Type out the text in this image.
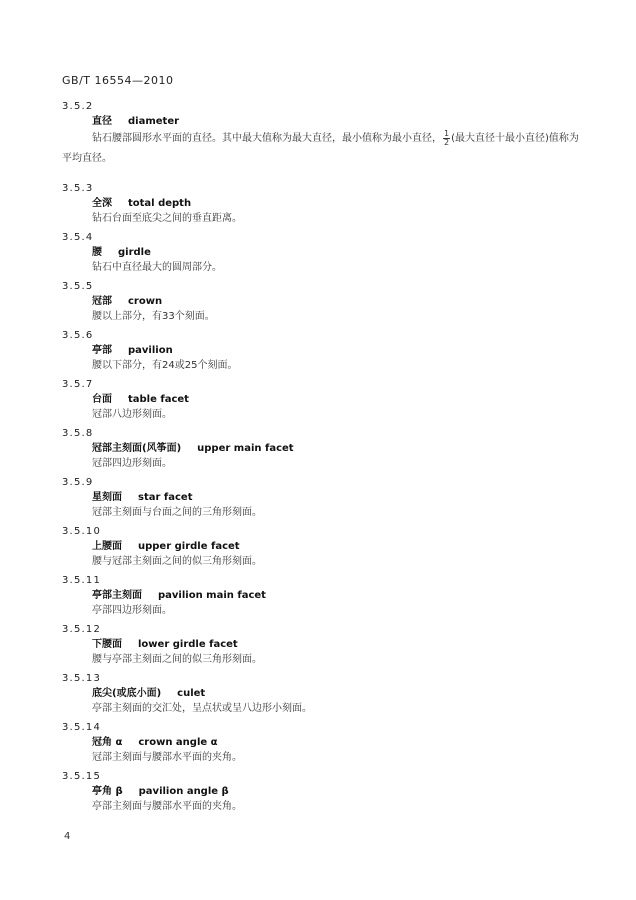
GB/T 16554—2010
3.5.2
直径 diameter
钻石腰部圆形水平面的直径。其中最大值称为最大直径，最小值称为最小直径， $\frac{1}{2}$ (最大直径十最小直径)值称为平均直径。
3.5.3
全深 total depth
钻石台面至底尖之间的垂直距离。
3.5.4
腰 girdle
钻石中直径最大的圆周部分。
3.5.5
冠部 crown
腰以上部分，有33个刻面。
3.5.6
亭部 pavilion
腰以下部分，有24或25个刻面。
3.5.7
台面 table facet
冠部八边形刻面。
3.5.8
冠部主刻面(风筝面) upper main facet
冠部四边形刻面。
3.5.9
星刻面 star facet
冠部主刻面与台面之间的三角形刻面。
3.5.10
上腰面 upper girdle facet
腰与冠部主刻面之间的似三角形刻面。
3.5.11
亭部主刻面 pavilion main facet
亭部四边形刻面。
3.5.12
下腰面 lower girdle facet
腰与亭部主刻面之间的似三角形刻面。
3.5.13
底尖(或底小面) culet
亭部主刻面的交汇处，呈点状或呈八边形小刻面。
3.5.14
冠角 α crown angle α
冠部主刻面与腰部水平面的夹角。
3.5.15
亭角 β pavilion angle β
亭部主刻面与腰部水平面的夹角。
4
